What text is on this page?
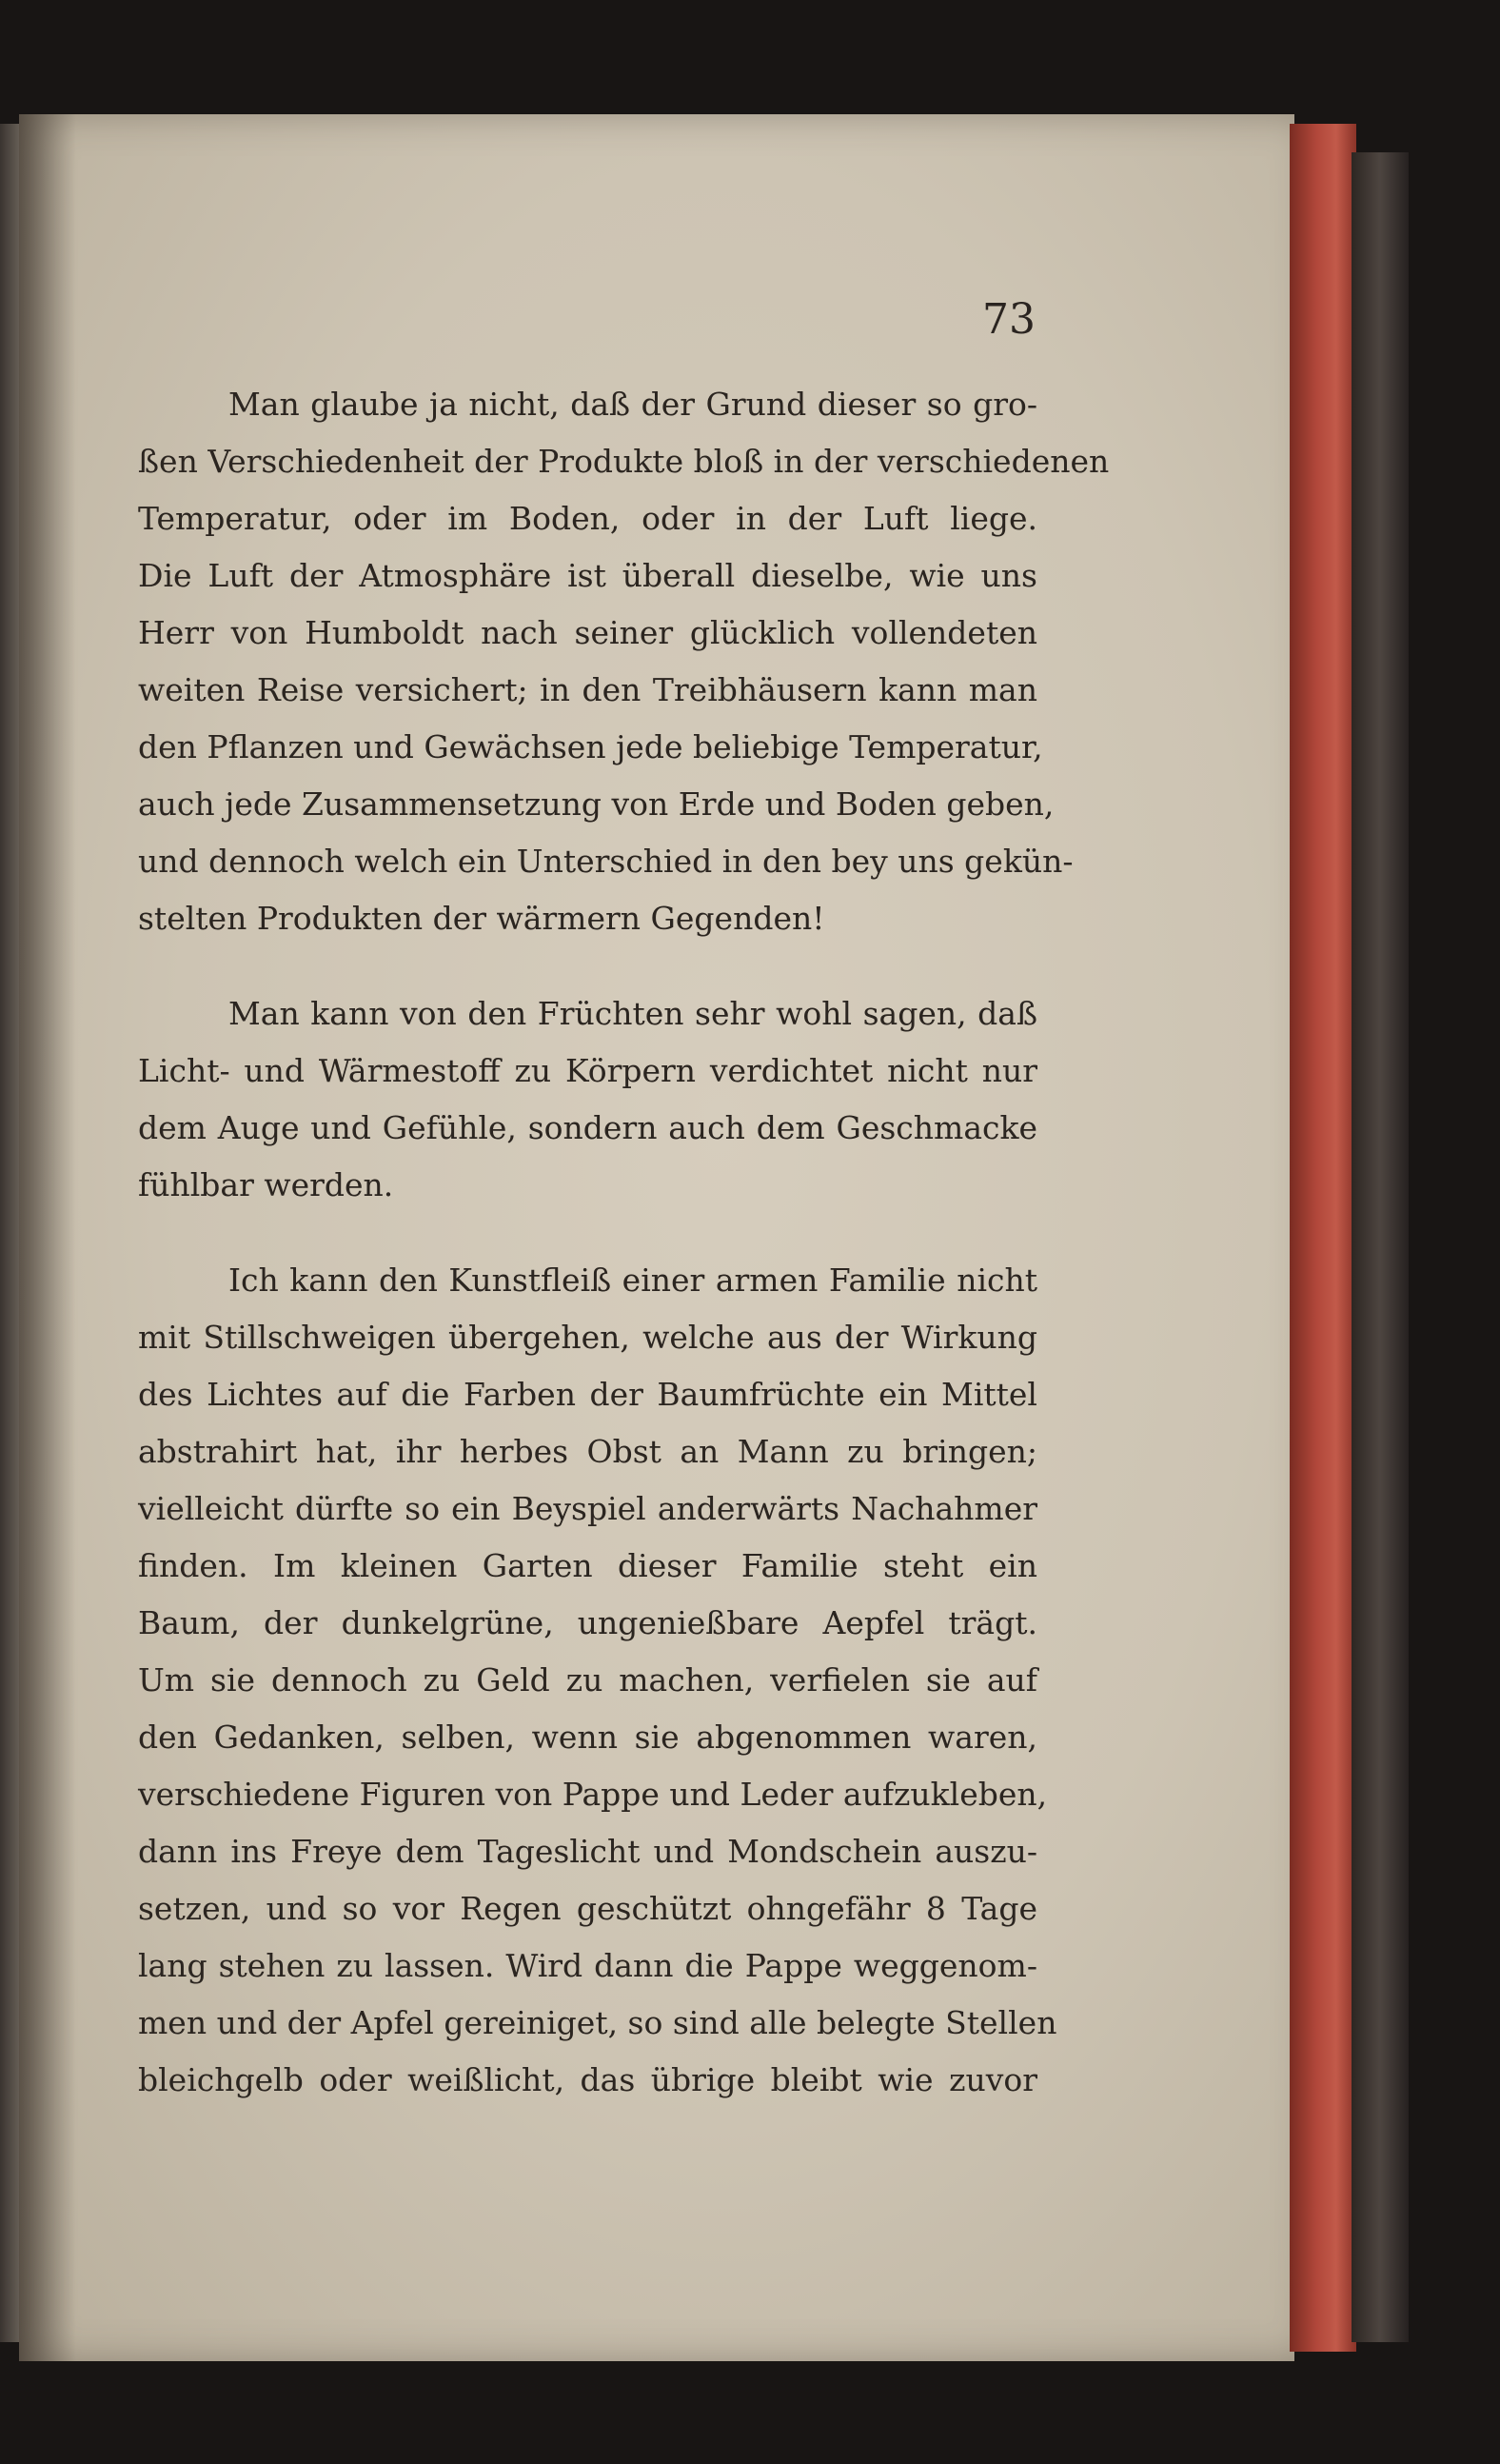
73
Man glaube ja nicht, daß der Grund dieser so gro-
ßen Verschiedenheit der Produkte bloß in der verschiedenen
Temperatur, oder im Boden, oder in der Luft liege.
Die Luft der Atmosphäre ist überall dieselbe, wie uns
Herr von Humboldt nach seiner glücklich vollendeten
weiten Reise versichert; in den Treibhäusern kann man
den Pflanzen und Gewächsen jede beliebige Temperatur,
auch jede Zusammensetzung von Erde und Boden geben,
und dennoch welch ein Unterschied in den bey uns gekün-
stelten Produkten der wärmern Gegenden!
Man kann von den Früchten sehr wohl sagen, daß
Licht- und Wärmestoff zu Körpern verdichtet nicht nur
dem Auge und Gefühle, sondern auch dem Geschmacke
fühlbar werden.
Ich kann den Kunstfleiß einer armen Familie nicht
mit Stillschweigen übergehen, welche aus der Wirkung
des Lichtes auf die Farben der Baumfrüchte ein Mittel
abstrahirt hat, ihr herbes Obst an Mann zu bringen;
vielleicht dürfte so ein Beyspiel anderwärts Nachahmer
finden. Im kleinen Garten dieser Familie steht ein
Baum, der dunkelgrüne, ungenießbare Aepfel trägt.
Um sie dennoch zu Geld zu machen, verfielen sie auf
den Gedanken, selben, wenn sie abgenommen waren,
verschiedene Figuren von Pappe und Leder aufzukleben,
dann ins Freye dem Tageslicht und Mondschein auszu-
setzen, und so vor Regen geschützt ohngefähr 8 Tage
lang stehen zu lassen. Wird dann die Pappe weggenom-
men und der Apfel gereiniget, so sind alle belegte Stellen
bleichgelb oder weißlicht, das übrige bleibt wie zuvor
